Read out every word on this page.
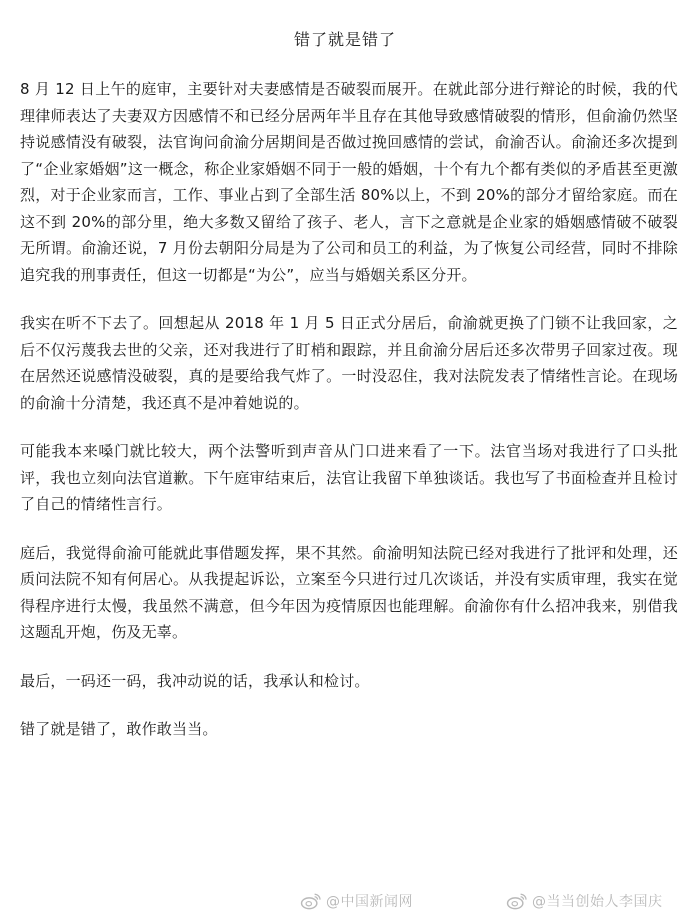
错了就是错了

8 月 12 日上午的庭审，主要针对夫妻感情是否破裂而展开。在就此部分进行辩论的时候，我的代理律师表达了夫妻双方因感情不和已经分居两年半且存在其他导致感情破裂的情形，但俞渝仍然坚持说感情没有破裂，法官询问俞渝分居期间是否做过挽回感情的尝试，俞渝否认。俞渝还多次提到了“企业家婚姻”这一概念，称企业家婚姻不同于一般的婚姻，十个有九个都有类似的矛盾甚至更激烈，对于企业家而言，工作、事业占到了全部生活 80%以上，不到 20%的部分才留给家庭。而在这不到 20%的部分里，绝大多数又留给了孩子、老人，言下之意就是企业家的婚姻感情破不破裂无所谓。俞渝还说，7 月份去朝阳分局是为了公司和员工的利益，为了恢复公司经营，同时不排除追究我的刑事责任，但这一切都是“为公”，应当与婚姻关系区分开。

我实在听不下去了。回想起从 2018 年 1 月 5 日正式分居后，俞渝就更换了门锁不让我回家，之后不仅污蔑我去世的父亲，还对我进行了盯梢和跟踪，并且俞渝分居后还多次带男子回家过夜。现在居然还说感情没破裂，真的是要给我气炸了。一时没忍住，我对法院发表了情绪性言论。在现场的俞渝十分清楚，我还真不是冲着她说的。

可能我本来嗓门就比较大，两个法警听到声音从门口进来看了一下。法官当场对我进行了口头批评，我也立刻向法官道歉。下午庭审结束后，法官让我留下单独谈话。我也写了书面检查并且检讨了自己的情绪性言行。

庭后，我觉得俞渝可能就此事借题发挥，果不其然。俞渝明知法院已经对我进行了批评和处理，还质问法院不知有何居心。从我提起诉讼，立案至今只进行过几次谈话，并没有实质审理，我实在觉得程序进行太慢，我虽然不满意，但今年因为疫情原因也能理解。俞渝你有什么招冲我来，别借我这题乱开炮，伤及无辜。

最后，一码还一码，我冲动说的话，我承认和检讨。

错了就是错了，敢作敢当当。

@中国新闻网	@当当创始人李国庆
